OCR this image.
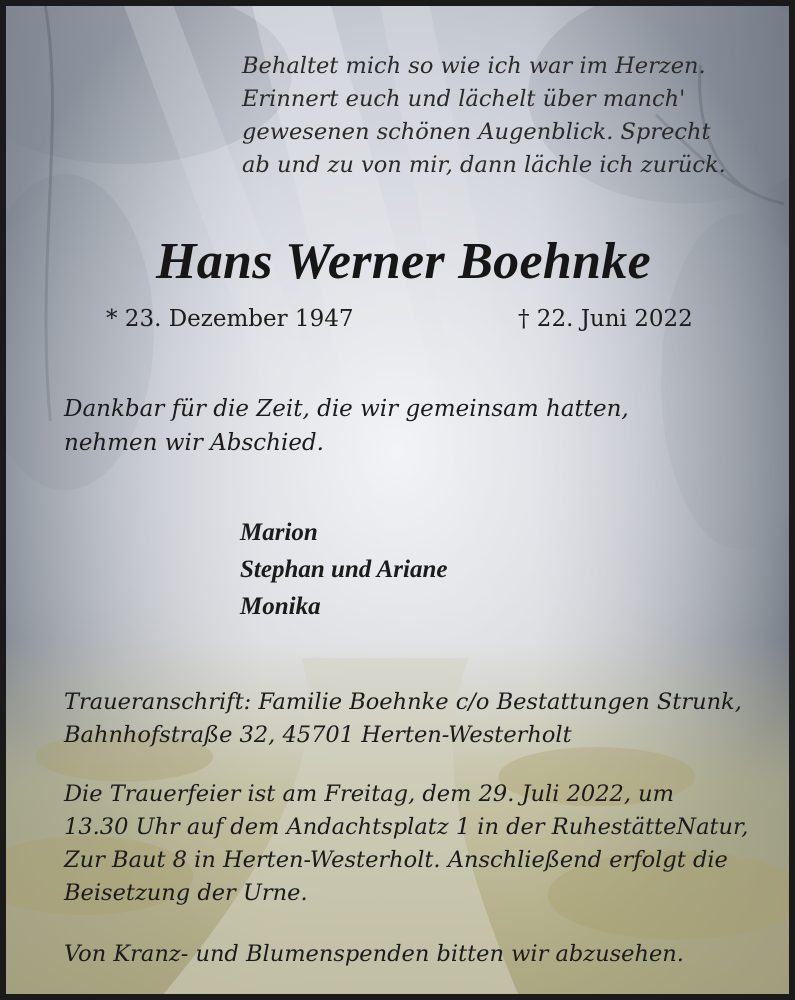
Behaltet mich so wie ich war im Herzen.
Erinnert euch und lächelt über manch'
gewesenen schönen Augenblick. Sprecht
ab und zu von mir, dann lächle ich zurück.
Hans Werner Boehnke
* 23. Dezember 1947	† 22. Juni 2022
Dankbar für die Zeit, die wir gemeinsam hatten,
nehmen wir Abschied.
Marion
Stephan und Ariane
Monika
Traueranschrift: Familie Boehnke c/o Bestattungen Strunk,
Bahnhofstraße 32, 45701 Herten-Westerholt
Die Trauerfeier ist am Freitag, dem 29. Juli 2022, um
13.30 Uhr auf dem Andachtsplatz 1 in der RuhestätteNatur,
Zur Baut 8 in Herten-Westerholt. Anschließend erfolgt die
Beisetzung der Urne.
Von Kranz- und Blumenspenden bitten wir abzusehen.
